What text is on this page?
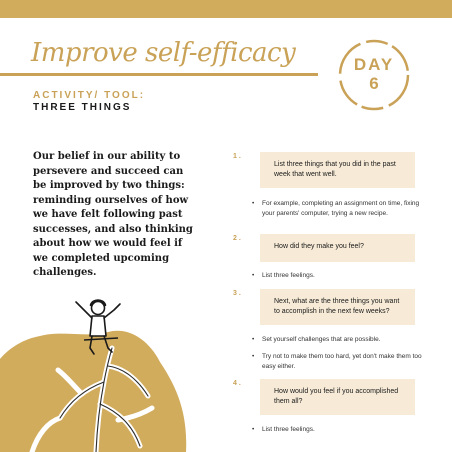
Improve self-efficacy	DAY
6
ACTIVITY/ TOOL:
THREE THINGS
Our belief in our ability to persevere and succeed can be improved by two things: reminding ourselves of how we have felt following past successes, and also thinking about how we would feel if we completed upcoming challenges.
1.
List three things that you did in the past week that went well.
•	For example, completing an assignment on time, fixing your parents' computer, trying a new recipe.
2.
How did they make you feel?
•	List three feelings.
3.
Next, what are the three things you want to accomplish in the next few weeks?
•	Set yourself challenges that are possible.
•	Try not to make them too hard, yet don't make them too easy either.
4.
How would you feel if you accomplished them all?
•	List three feelings.
